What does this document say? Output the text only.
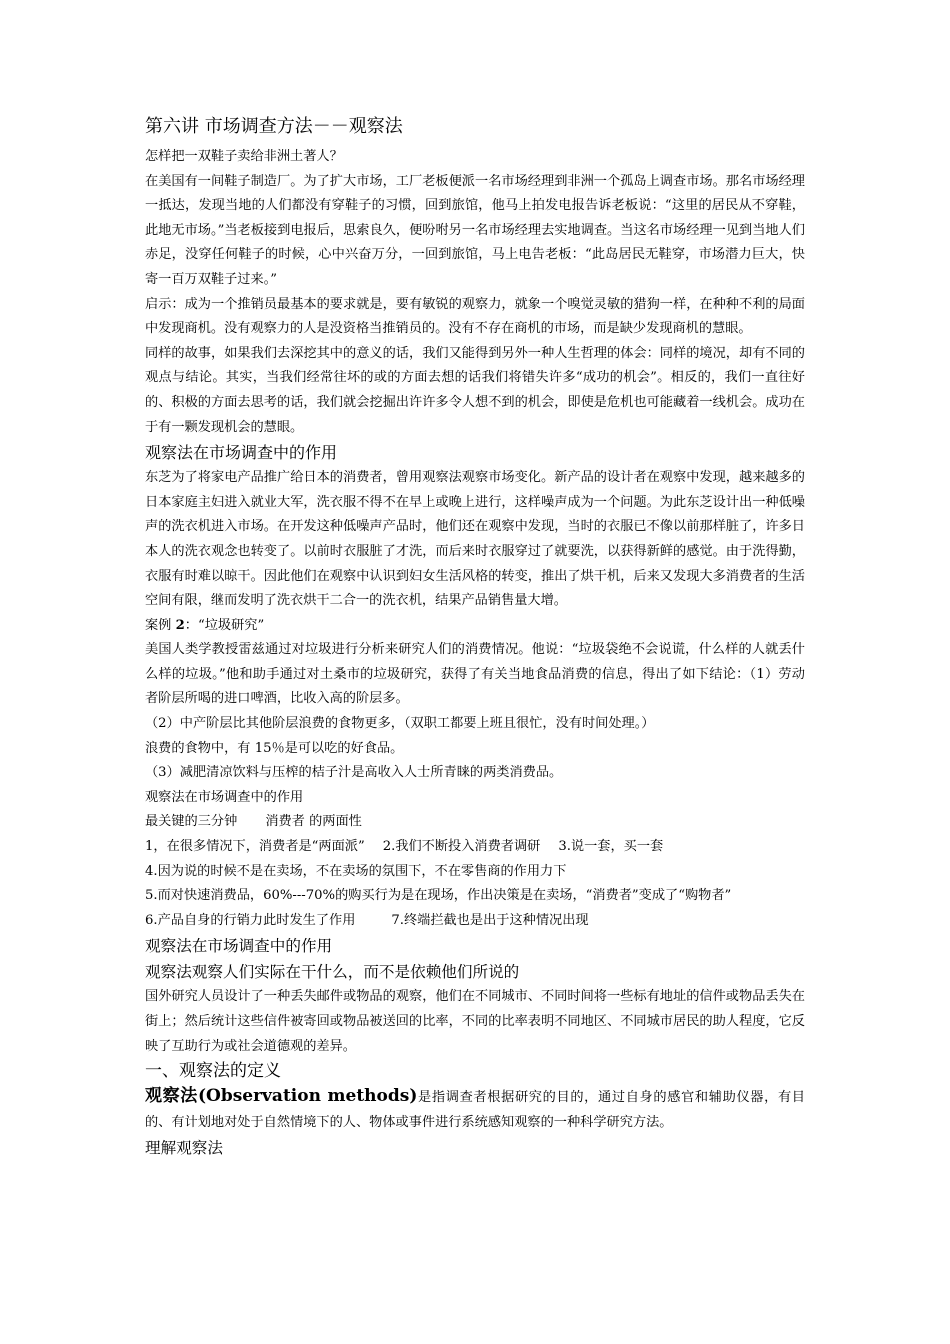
第六讲 市场调查方法－－观察法

怎样把一双鞋子卖给非洲土著人？

在美国有一间鞋子制造厂。为了扩大市场，工厂老板便派一名市场经理到非洲一个孤岛上调查市场。那名市场经理一抵达，发现当地的人们都没有穿鞋子的习惯，回到旅馆，他马上拍发电报告诉老板说：“这里的居民从不穿鞋，此地无市场。”当老板接到电报后，思索良久，便吩咐另一名市场经理去实地调查。当这名市场经理一见到当地人们赤足，没穿任何鞋子的时候，心中兴奋万分，一回到旅馆，马上电告老板：“此岛居民无鞋穿，市场潜力巨大，快寄一百万双鞋子过来。”

启示：成为一个推销员最基本的要求就是，要有敏锐的观察力，就象一个嗅觉灵敏的猎狗一样，在种种不利的局面中发现商机。没有观察力的人是没资格当推销员的。没有不存在商机的市场，而是缺少发现商机的慧眼。

同样的故事，如果我们去深挖其中的意义的话，我们又能得到另外一种人生哲理的体会：同样的境况，却有不同的观点与结论。其实，当我们经常往坏的或的方面去想的话我们将错失许多“成功的机会”。相反的，我们一直往好的、积极的方面去思考的话，我们就会挖掘出许许多令人想不到的机会，即使是危机也可能藏着一线机会。成功在于有一颗发现机会的慧眼。

观察法在市场调查中的作用

东芝为了将家电产品推广给日本的消费者，曾用观察法观察市场变化。新产品的设计者在观察中发现，越来越多的日本家庭主妇进入就业大军，洗衣服不得不在早上或晚上进行，这样噪声成为一个问题。为此东芝设计出一种低噪声的洗衣机进入市场。在开发这种低噪声产品时，他们还在观察中发现，当时的衣服已不像以前那样脏了，许多日本人的洗衣观念也转变了。以前时衣服脏了才洗，而后来时衣服穿过了就要洗，以获得新鲜的感觉。由于洗得勤，衣服有时难以晾干。因此他们在观察中认识到妇女生活风格的转变，推出了烘干机，后来又发现大多消费者的生活空间有限，继而发明了洗衣烘干二合一的洗衣机，结果产品销售量大增。

案例 2：“垃圾研究”

美国人类学教授雷兹通过对垃圾进行分析来研究人们的消费情况。他说：“垃圾袋绝不会说谎，什么样的人就丢什么样的垃圾。”他和助手通过对土桑市的垃圾研究，获得了有关当地食品消费的信息，得出了如下结论：（1）劳动者阶层所喝的进口啤酒，比收入高的阶层多。

（2）中产阶层比其他阶层浪费的食物更多，（双职工都要上班且很忙，没有时间处理。）

浪费的食物中，有 15％是可以吃的好食品。

（3）减肥清凉饮料与压榨的桔子汁是高收入人士所青睐的两类消费品。

观察法在市场调查中的作用

最关键的三分钟 消费者 的两面性
1，在很多情况下，消费者是“两面派” 2.我们不断投入消费者调研 3.说一套，买一套

4.因为说的时候不是在卖场，不在卖场的氛围下，不在零售商的作用力下

5.而对快速消费品，60%---70%的购买行为是在现场，作出决策是在卖场，“消费者”变成了“购物者”

6.产品自身的行销力此时发生了作用	7.终端拦截也是出于这种情况出现
观察法在市场调查中的作用
观察法观察人们实际在干什么，而不是依赖他们所说的

国外研究人员设计了一种丢失邮件或物品的观察，他们在不同城市、不同时间将一些标有地址的信件或物品丢失在街上；然后统计这些信件被寄回或物品被送回的比率，不同的比率表明不同地区、不同城市居民的助人程度，它反映了互助行为或社会道德观的差异。

一、观察法的定义

观察法(Observation methods)是指调查者根据研究的目的，通过自身的感官和辅助仪器，有目的、有计划地对处于自然情境下的人、物体或事件进行系统感知观察的一种科学研究方法。

理解观察法
